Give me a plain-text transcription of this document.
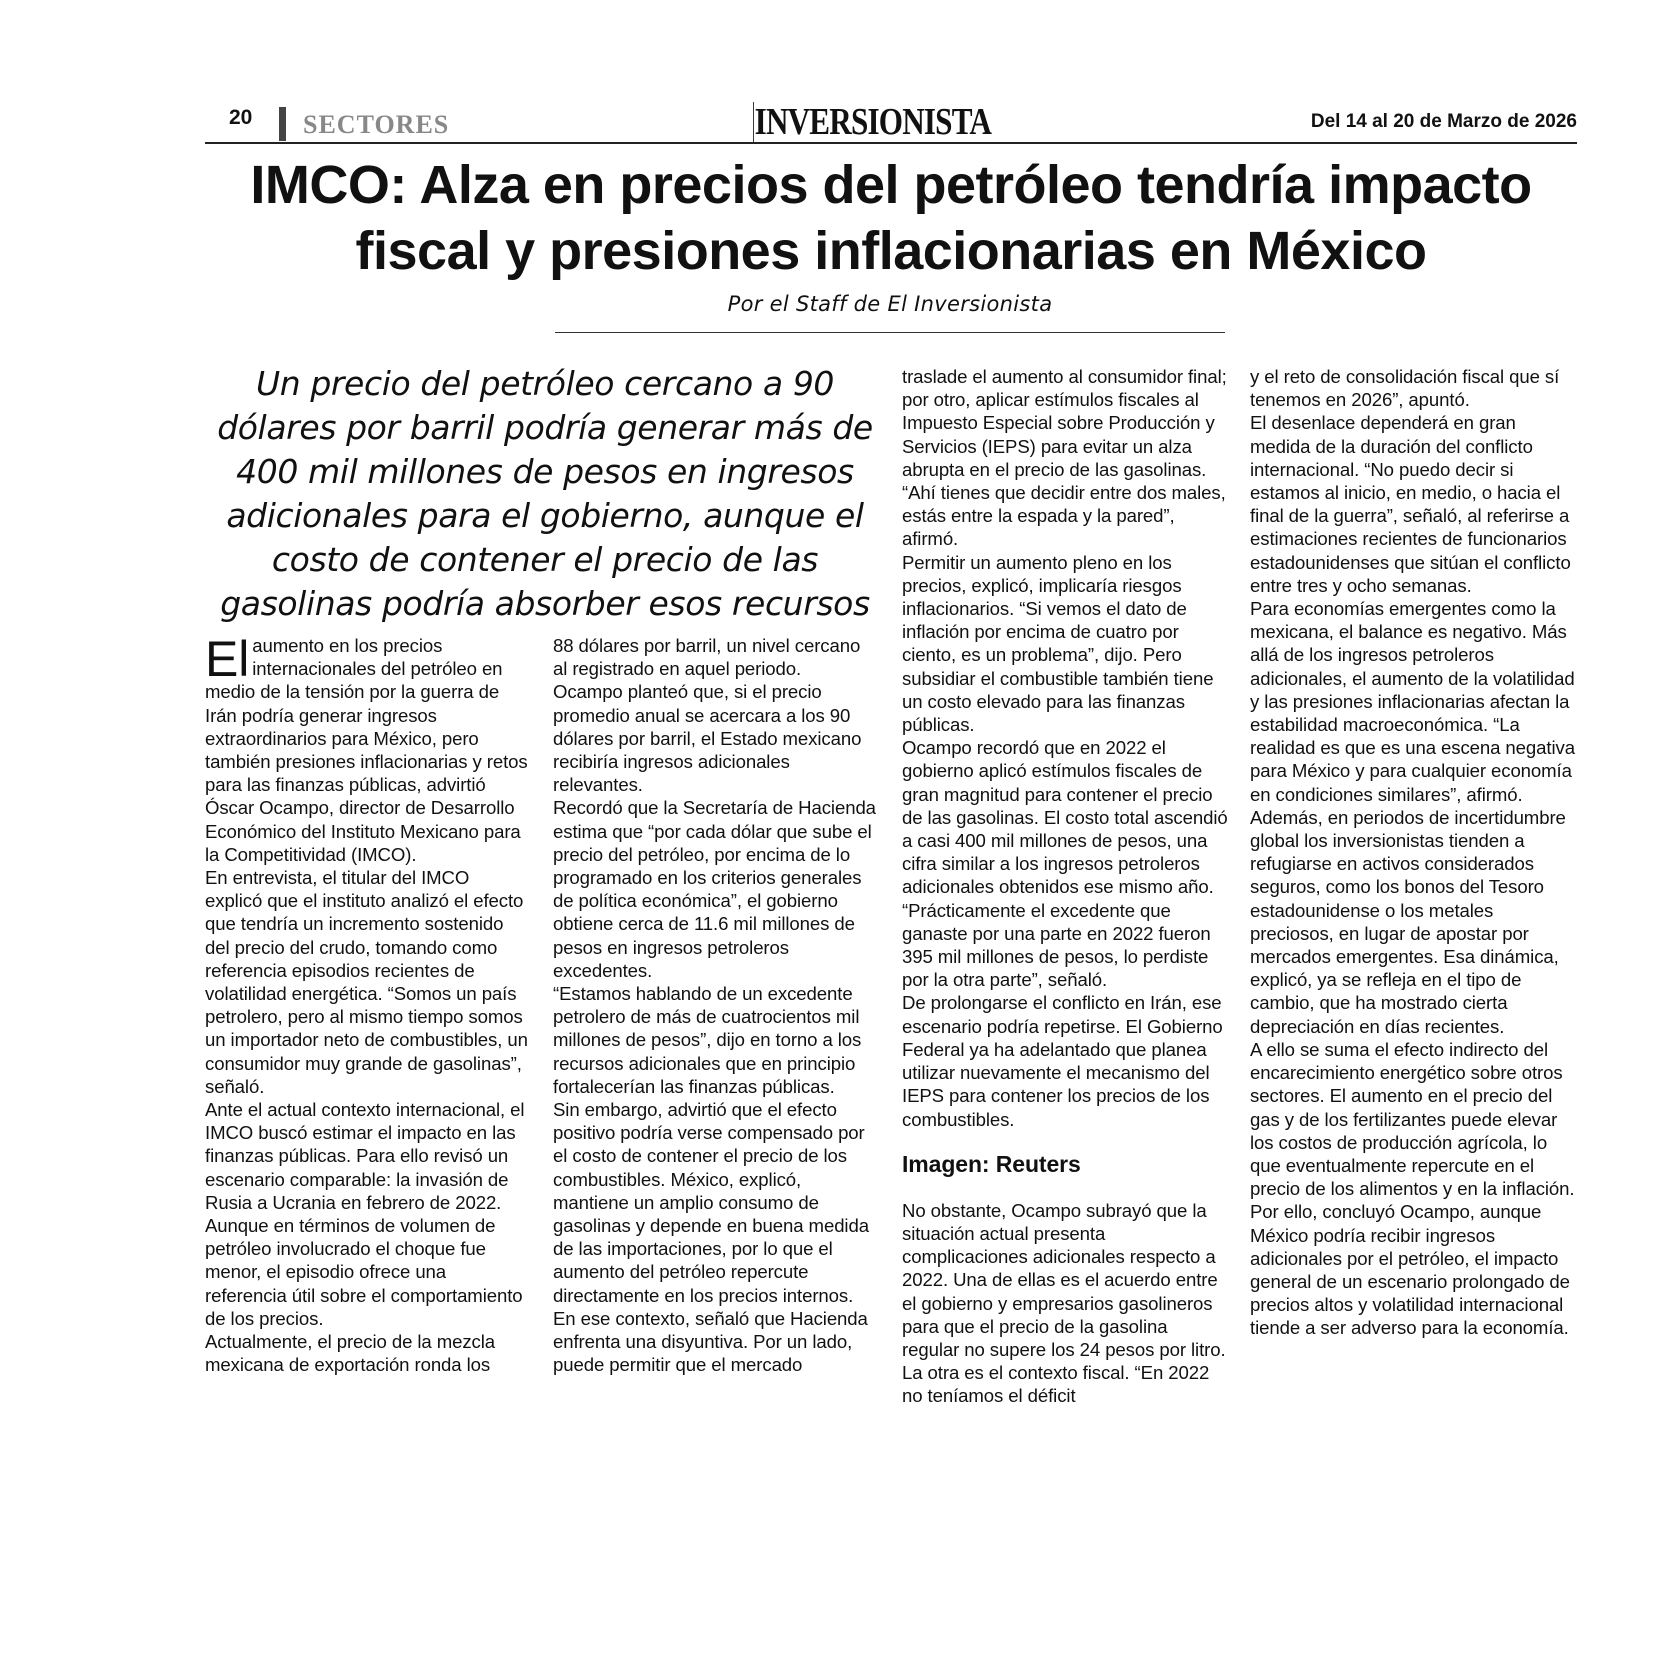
20 SECTORES	INVERSIONISTA	Del 14 al 20 de Marzo de 2026
IMCO: Alza en precios del petróleo tendría impacto fiscal y presiones inflacionarias en México
Por el Staff de El Inversionista

Un precio del petróleo cercano a 90 dólares por barril podría generar más de 400 mil millones de pesos en ingresos adicionales para el gobierno, aunque el costo de contener el precio de las gasolinas podría absorber esos recursos

El aumento en los precios internacionales del petróleo en medio de la tensión por la guerra de Irán podría generar ingresos extraordinarios para México, pero también presiones inflacionarias y retos para las finanzas públicas, advirtió Óscar Ocampo, director de Desarrollo Económico del Instituto Mexicano para la Competitividad (IMCO).

En entrevista, el titular del IMCO explicó que el instituto analizó el efecto que tendría un incremento sostenido del precio del crudo, tomando como referencia episodios recientes de volatilidad energética. “Somos un país petrolero, pero al mismo tiempo somos un importador neto de combustibles, un consumidor muy grande de gasolinas”, señaló.

Ante el actual contexto internacional, el IMCO buscó estimar el impacto en las finanzas públicas. Para ello revisó un escenario comparable: la invasión de Rusia a Ucrania en febrero de 2022. Aunque en términos de volumen de petróleo involucrado el choque fue menor, el episodio ofrece una referencia útil sobre el comportamiento de los precios.

Actualmente, el precio de la mezcla mexicana de exportación ronda los

88 dólares por barril, un nivel cercano al registrado en aquel periodo.

Ocampo planteó que, si el precio promedio anual se acercara a los 90 dólares por barril, el Estado mexicano recibiría ingresos adicionales relevantes.

Recordó que la Secretaría de Hacienda estima que “por cada dólar que sube el precio del petróleo, por encima de lo programado en los criterios generales de política económica”, el gobierno obtiene cerca de 11.6 mil millones de pesos en ingresos petroleros excedentes.

“Estamos hablando de un excedente petrolero de más de cuatrocientos mil millones de pesos”, dijo en torno a los recursos adicionales que en principio fortalecerían las finanzas públicas.

Sin embargo, advirtió que el efecto positivo podría verse compensado por el costo de contener el precio de los combustibles. México, explicó, mantiene un amplio consumo de gasolinas y depende en buena medida de las importaciones, por lo que el aumento del petróleo repercute directamente en los precios internos.

En ese contexto, señaló que Hacienda enfrenta una disyuntiva. Por un lado, puede permitir que el mercado

traslade el aumento al consumidor final; por otro, aplicar estímulos fiscales al Impuesto Especial sobre Producción y Servicios (IEPS) para evitar un alza abrupta en el precio de las gasolinas. “Ahí tienes que decidir entre dos males, estás entre la espada y la pared”, afirmó.

Permitir un aumento pleno en los precios, explicó, implicaría riesgos inflacionarios. “Si vemos el dato de inflación por encima de cuatro por ciento, es un problema”, dijo. Pero subsidiar el combustible también tiene un costo elevado para las finanzas públicas.

Ocampo recordó que en 2022 el gobierno aplicó estímulos fiscales de gran magnitud para contener el precio de las gasolinas. El costo total ascendió a casi 400 mil millones de pesos, una cifra similar a los ingresos petroleros adicionales obtenidos ese mismo año. “Prácticamente el excedente que ganaste por una parte en 2022 fueron 395 mil millones de pesos, lo perdiste por la otra parte”, señaló.

De prolongarse el conflicto en Irán, ese escenario podría repetirse. El Gobierno Federal ya ha adelantado que planea utilizar nuevamente el mecanismo del IEPS para contener los precios de los combustibles.

Imagen: Reuters

No obstante, Ocampo subrayó que la situación actual presenta complicaciones adicionales respecto a 2022. Una de ellas es el acuerdo entre el gobierno y empresarios gasolineros para que el precio de la gasolina regular no supere los 24 pesos por litro. La otra es el contexto fiscal. “En 2022 no teníamos el déficit

y el reto de consolidación fiscal que sí tenemos en 2026”, apuntó.

El desenlace dependerá en gran medida de la duración del conflicto internacional. “No puedo decir si estamos al inicio, en medio, o hacia el final de la guerra”, señaló, al referirse a estimaciones recientes de funcionarios estadounidenses que sitúan el conflicto entre tres y ocho semanas.

Para economías emergentes como la mexicana, el balance es negativo. Más allá de los ingresos petroleros adicionales, el aumento de la volatilidad y las presiones inflacionarias afectan la estabilidad macroeconómica. “La realidad es que es una escena negativa para México y para cualquier economía en condiciones similares”, afirmó.

Además, en periodos de incertidumbre global los inversionistas tienden a refugiarse en activos considerados seguros, como los bonos del Tesoro estadounidense o los metales preciosos, en lugar de apostar por mercados emergentes. Esa dinámica, explicó, ya se refleja en el tipo de cambio, que ha mostrado cierta depreciación en días recientes.

A ello se suma el efecto indirecto del encarecimiento energético sobre otros sectores. El aumento en el precio del gas y de los fertilizantes puede elevar los costos de producción agrícola, lo que eventualmente repercute en el precio de los alimentos y en la inflación.

Por ello, concluyó Ocampo, aunque México podría recibir ingresos adicionales por el petróleo, el impacto general de un escenario prolongado de precios altos y volatilidad internacional tiende a ser adverso para la economía.
